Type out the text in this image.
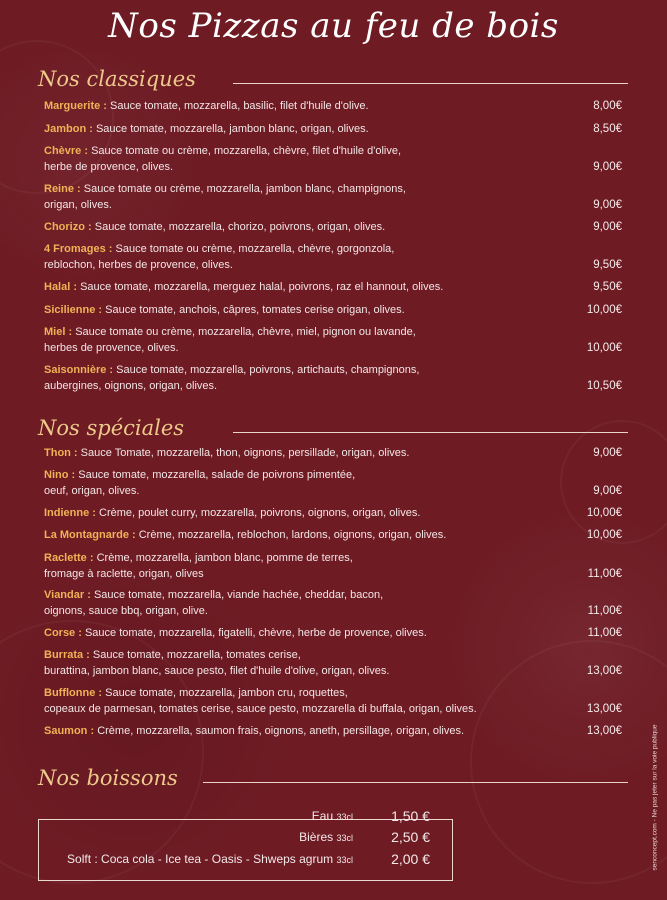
Nos Pizzas au feu de bois
Nos classiques
Marguerite : Sauce tomate, mozzarella, basilic, filet d'huile d'olive.	8,00€
Jambon : Sauce tomate, mozzarella, jambon blanc, origan, olives.	8,50€
Chèvre : Sauce tomate ou crème, mozzarella, chèvre, filet d'huile d'olive,
herbe de provence, olives.	9,00€
Reine : Sauce tomate ou crème, mozzarella, jambon blanc, champignons,
origan, olives.	9,00€
Chorizo : Sauce tomate, mozzarella, chorizo, poivrons, origan, olives.	9,00€
4 Fromages : Sauce tomate ou crème, mozzarella, chèvre, gorgonzola,
reblochon, herbes de provence, olives.	9,50€
Halal : Sauce tomate, mozzarella, merguez halal, poivrons, raz el hannout, olives.	9,50€
Sicilienne : Sauce tomate, anchois, câpres, tomates cerise origan, olives.	10,00€
Miel : Sauce tomate ou crème, mozzarella, chèvre, miel, pignon ou lavande,
herbes de provence, olives.	10,00€
Saisonnière : Sauce tomate, mozzarella, poivrons, artichauts, champignons,
aubergines, oignons, origan, olives.	10,50€
Nos spéciales
Thon : Sauce Tomate, mozzarella, thon, oignons, persillade, origan, olives.	9,00€
Nino : Sauce tomate, mozzarella, salade de poivrons pimentée,
oeuf, origan, olives.	9,00€
Indienne : Crème, poulet curry, mozzarella, poivrons, oignons, origan, olives.	10,00€
La Montagnarde : Crème, mozzarella, reblochon, lardons, oignons, origan, olives.	10,00€
Raclette : Crème, mozzarella, jambon blanc, pomme de terres,
fromage à raclette, origan, olives	11,00€
Viandar : Sauce tomate, mozzarella, viande hachée, cheddar, bacon,
oignons, sauce bbq, origan, olive.	11,00€
Corse : Sauce tomate, mozzarella, figatelli, chèvre, herbe de provence, olives.	11,00€
Burrata : Sauce tomate, mozzarella, tomates cerise,
burattina, jambon blanc, sauce pesto, filet d'huile d'olive, origan, olives.	13,00€
Bufflonne : Sauce tomate, mozzarella, jambon cru, roquettes,
copeaux de parmesan, tomates cerise, sauce pesto, mozzarella di buffala, origan, olives.	13,00€
Saumon : Crème, mozzarella, saumon frais, oignons, aneth, persillage, origan, olives.	13,00€
Nos boissons
Eau 33cl	1,50 €
Bières 33cl	2,50 €
Solft : Coca cola - Ice tea - Oasis - Shweps agrum 33cl	2,00 €	senconcept.com - Ne pas jeter sur la voie publique
